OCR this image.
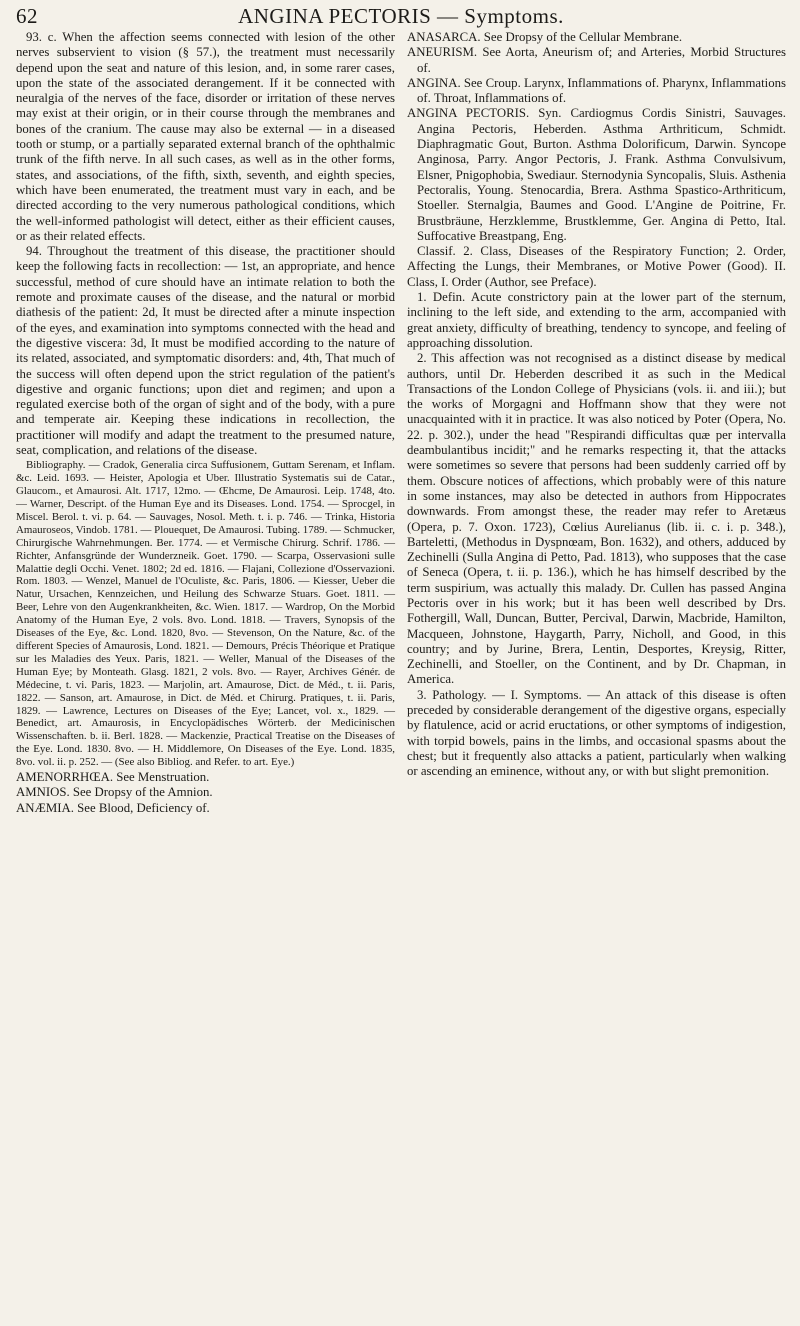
62	ANGINA PECTORIS — Symptoms.

93. c. When the affection seems connected with lesion of the other nerves subservient to vision (§ 57.), the treatment must necessarily depend upon the seat and nature of this lesion, and, in some rarer cases, upon the state of the associated derangement. If it be connected with neuralgia of the nerves of the face, disorder or irritation of these nerves may exist at their origin, or in their course through the membranes and bones of the cranium. The cause may also be external — in a diseased tooth or stump, or a partially separated external branch of the ophthalmic trunk of the fifth nerve. In all such cases, as well as in the other forms, states, and associations, of the fifth, sixth, seventh, and eighth species, which have been enumerated, the treatment must vary in each, and be directed according to the very numerous pathological conditions, which the well-informed pathologist will detect, either as their efficient causes, or as their related effects.

94. Throughout the treatment of this disease, the practitioner should keep the following facts in recollection: — 1st, an appropriate, and hence successful, method of cure should have an intimate relation to both the remote and proximate causes of the disease, and the natural or morbid diathesis of the patient: 2d, It must be directed after a minute inspection of the eyes, and examination into symptoms connected with the head and the digestive viscera: 3d, It must be modified according to the nature of its related, associated, and symptomatic disorders: and, 4th, That much of the success will often depend upon the strict regulation of the patient's digestive and organic functions; upon diet and regimen; and upon a regulated exercise both of the organ of sight and of the body, with a pure and temperate air. Keeping these indications in recollection, the practitioner will modify and adapt the treatment to the presumed nature, seat, complication, and relations of the disease.

Bibliography. — Cradok, Generalia circa Suffusionem, Guttam Serenam, et Inflam. &c. Leid. 1693. — Heister, Apologia et Uber. Illustratio Systematis sui de Catar., Glaucom., et Amaurosi. Alt. 1717, 12mo. — Œhcme, De Amaurosi. Leip. 1748, 4to. — Warner, Descript. of the Human Eye and its Diseases. Lond. 1754. — Sprocgel, in Miscel. Berol. t. vi. p. 64. — Sauvages, Nosol. Meth. t. i. p. 746. — Trinka, Historia Amauroseos, Vindob. 1781. — Plouequet, De Amaurosi. Tubing. 1789. — Schmucker, Chirurgische Wahrnehmungen. Ber. 1774. — et Vermische Chirurg. Schrif. 1786. — Richter, Anfansgründe der Wunderzneik. Goet. 1790. — Scarpa, Osservasioni sulle Malattie degli Occhi. Venet. 1802; 2d ed. 1816. — Flajani, Collezione d'Osservazioni. Rom. 1803. — Wenzel, Manuel de l'Oculiste, &c. Paris, 1806. — Kiesser, Ueber die Natur, Ursachen, Kennzeichen, und Heilung des Schwarze Stuars. Goet. 1811. — Beer, Lehre von den Augenkrankheiten, &c. Wien. 1817. — Wardrop, On the Morbid Anatomy of the Human Eye, 2 vols. 8vo. Lond. 1818. — Travers, Synopsis of the Diseases of the Eye, &c. Lond. 1820, 8vo. — Stevenson, On the Nature, &c. of the different Species of Amaurosis, Lond. 1821. — Demours, Précis Théorique et Pratique sur les Maladies des Yeux. Paris, 1821. — Weller, Manual of the Diseases of the Human Eye; by Monteath. Glasg. 1821, 2 vols. 8vo. — Rayer, Archives Génér. de Médecine, t. vi. Paris, 1823. — Marjolin, art. Amaurose, Dict. de Méd., t. ii. Paris, 1822. — Sanson, art. Amaurose, in Dict. de Méd. et Chirurg. Pratiques, t. ii. Paris, 1829. — Lawrence, Lectures on Diseases of the Eye; Lancet, vol. x., 1829. — Benedict, art. Amaurosis, in Encyclopädisches Wörterb. der Medicinischen Wissenschaften. b. ii. Berl. 1828. — Mackenzie, Practical Treatise on the Diseases of the Eye. Lond. 1830. 8vo. — H. Middlemore, On Diseases of the Eye. Lond. 1835, 8vo. vol. ii. p. 252. — (See also Bibliog. and Refer. to art. Eye.)

AMENORRHŒA. See Menstruation.

AMNIOS. See Dropsy of the Amnion.

ANÆMIA. See Blood, Deficiency of.

ANASARCA. See Dropsy of the Cellular Membrane.

ANEURISM. See Aorta, Aneurism of; and Arteries, Morbid Structures of.

ANGINA. See Croup. Larynx, Inflammations of. Pharynx, Inflammations of. Throat, Inflammations of.

ANGINA PECTORIS. Syn. Cardiogmus Cordis Sinistri, Sauvages. Angina Pectoris, Heberden. Asthma Arthriticum, Schmidt. Diaphragmatic Gout, Burton. Asthma Dolorificum, Darwin. Syncope Anginosa, Parry. Angor Pectoris, J. Frank. Asthma Convulsivum, Elsner, Pnigophobia, Swediaur. Sternodynia Syncopalis, Sluis. Asthenia Pectoralis, Young. Stenocardia, Brera. Asthma Spastico-Arthriticum, Stoeller. Sternalgia, Baumes and Good. L'Angine de Poitrine, Fr. Brustbräune, Herzklemme, Brustklemme, Ger. Angina di Petto, Ital. Suffocative Breastpang, Eng.

Classif. 2. Class, Diseases of the Respiratory Function; 2. Order, Affecting the Lungs, their Membranes, or Motive Power (Good). II. Class, I. Order (Author, see Preface).

1. Defin. Acute constrictory pain at the lower part of the sternum, inclining to the left side, and extending to the arm, accompanied with great anxiety, difficulty of breathing, tendency to syncope, and feeling of approaching dissolution.

2. This affection was not recognised as a distinct disease by medical authors, until Dr. Heberden described it as such in the Medical Transactions of the London College of Physicians (vols. ii. and iii.); but the works of Morgagni and Hoffmann show that they were not unacquainted with it in practice. It was also noticed by Poter (Opera, No. 22. p. 302.), under the head "Respirandi difficultas quæ per intervalla deambulantibus incidit;" and he remarks respecting it, that the attacks were sometimes so severe that persons had been suddenly carried off by them. Obscure notices of affections, which probably were of this nature in some instances, may also be detected in authors from Hippocrates downwards. From amongst these, the reader may refer to Aretæus (Opera, p. 7. Oxon. 1723), Cœlius Aurelianus (lib. ii. c. i. p. 348.), Barteletti, (Methodus in Dyspnœam, Bon. 1632), and others, adduced by Zechinelli (Sulla Angina di Petto, Pad. 1813), who supposes that the case of Seneca (Opera, t. ii. p. 136.), which he has himself described by the term suspirium, was actually this malady. Dr. Cullen has passed Angina Pectoris over in his work; but it has been well described by Drs. Fothergill, Wall, Duncan, Butter, Percival, Darwin, Macbride, Hamilton, Macqueen, Johnstone, Haygarth, Parry, Nicholl, and Good, in this country; and by Jurine, Brera, Lentin, Desportes, Kreysig, Ritter, Zechinelli, and Stoeller, on the Continent, and by Dr. Chapman, in America.

3. Pathology. — I. Symptoms. — An attack of this disease is often preceded by considerable derangement of the digestive organs, especially by flatulence, acid or acrid eructations, or other symptoms of indigestion, with torpid bowels, pains in the limbs, and occasional spasms about the chest; but it frequently also attacks a patient, particularly when walking or ascending an eminence, without any, or with but slight premonition.
